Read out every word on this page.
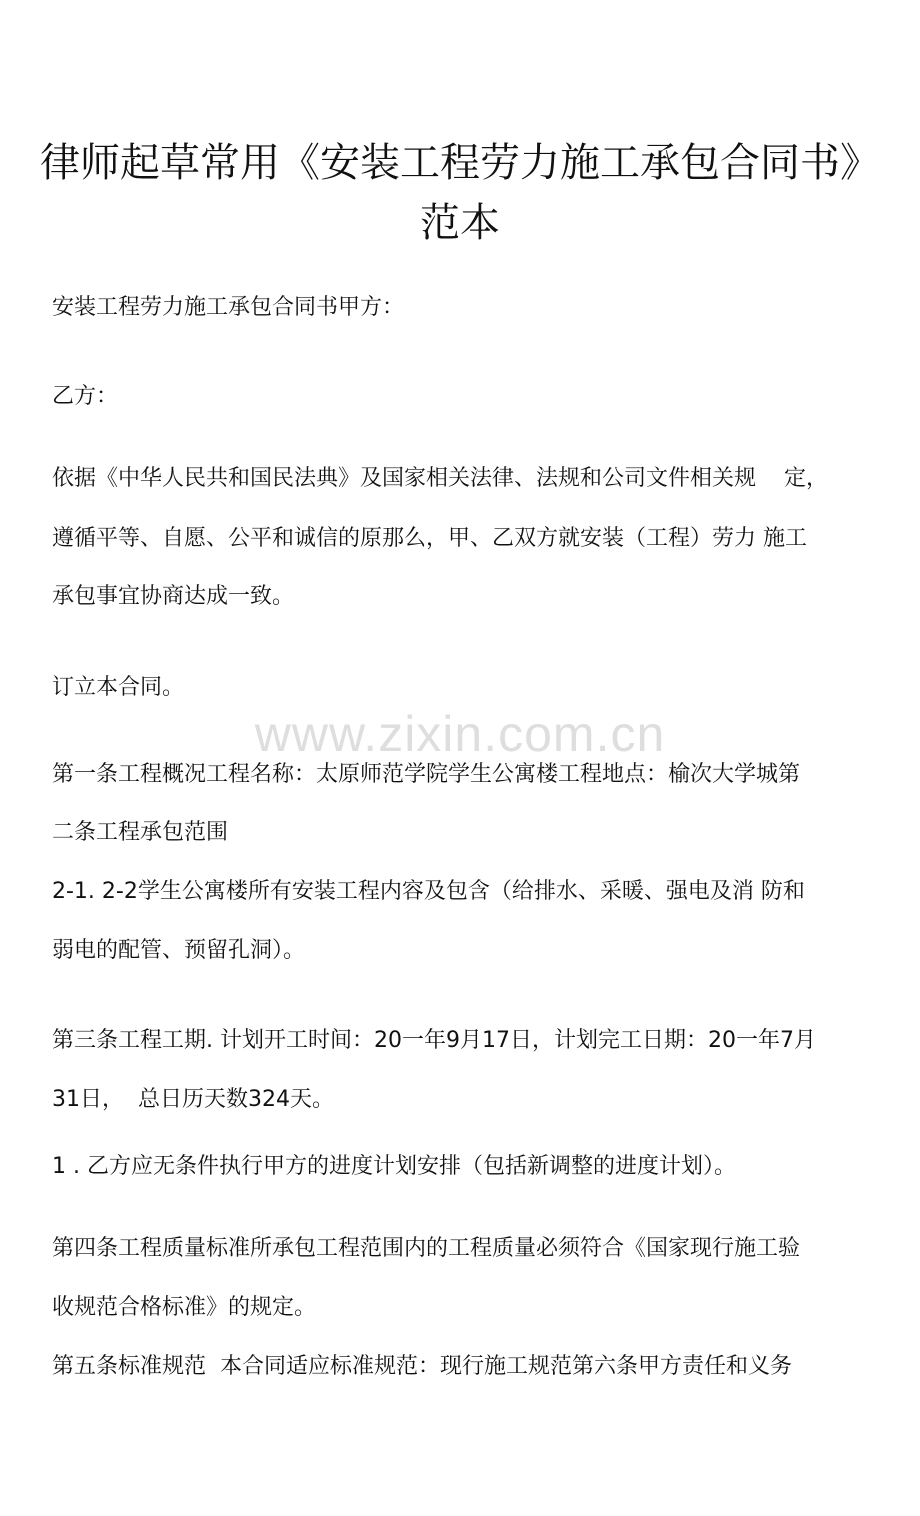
律师起草常用《安装工程劳力施工承包合同书》
范本
www.zixin.com.cn

安装工程劳力施工承包合同书甲方：

乙方：

依据《中华人民共和国民法典》及国家相关法律、法规和公司文件相关规    定，

遵循平等、自愿、公平和诚信的原那么，甲、乙双方就安装（工程）劳力 施工

承包事宜协商达成一致。

订立本合同。

第一条工程概况工程名称：太原师范学院学生公寓楼工程地点：榆次大学城第

二条工程承包范围

2-1. 2-2学生公寓楼所有安装工程内容及包含（给排水、采暖、强电及消 防和

弱电的配管、预留孔洞）。

第三条工程工期. 计划开工时间：20一年9月17日，计划完工日期：20一年7月

31日，  总日历天数324天。

1 . 乙方应无条件执行甲方的进度计划安排（包括新调整的进度计划）。

第四条工程质量标准所承包工程范围内的工程质量必须符合《国家现行施工验

收规范合格标准》的规定。

第五条标准规范  本合同适应标准规范：现行施工规范第六条甲方责任和义务
